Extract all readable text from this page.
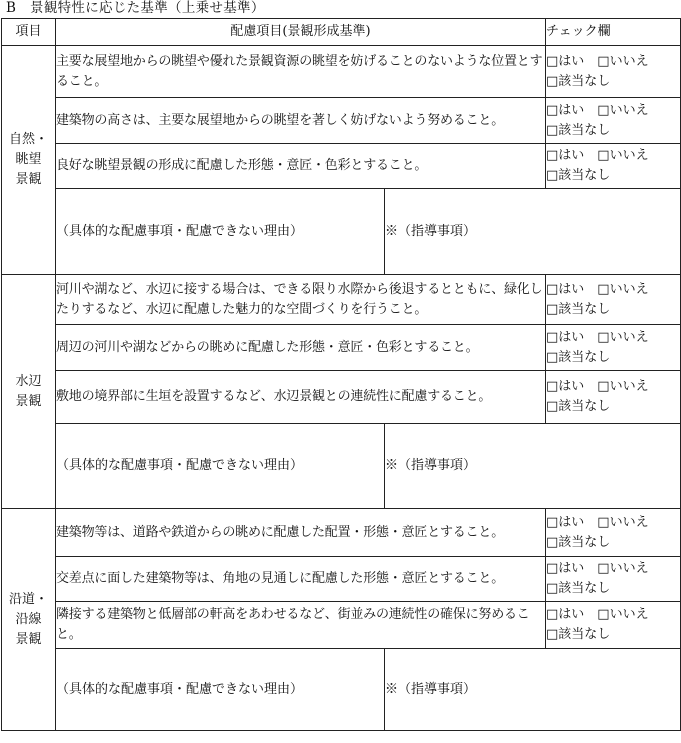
B　景観特性に応じた基準（上乗せ基準）
項目	配慮項目(景観形成基準)		チェック欄

自然・
眺望
景観	主要な展望地からの眺望や優れた景観資源の眺望を妨げることのないような位置とすること。		□はい　□いいえ
□該当なし

	建築物の高さは、主要な展望地からの眺望を著しく妨げないよう努めること。		□はい　□いいえ
□該当なし

	良好な眺望景観の形成に配慮した形態・意匠・色彩とすること。		□はい　□いいえ
□該当なし

	（具体的な配慮事項・配慮できない理由）	※（指導事項）	

水辺
景観	河川や湖など、水辺に接する場合は、できる限り水際から後退するとともに、緑化したりするなど、水辺に配慮した魅力的な空間づくりを行うこと。		□はい　□いいえ
□該当なし

	周辺の河川や湖などからの眺めに配慮した形態・意匠・色彩とすること。		□はい　□いいえ
□該当なし

	敷地の境界部に生垣を設置するなど、水辺景観との連続性に配慮すること。		□はい　□いいえ
□該当なし

	（具体的な配慮事項・配慮できない理由）	※（指導事項）	

沿道・
沿線
景観	建築物等は、道路や鉄道からの眺めに配慮した配置・形態・意匠とすること。		□はい　□いいえ
□該当なし

	交差点に面した建築物等は、角地の見通しに配慮した形態・意匠とすること。		□はい　□いいえ
□該当なし

	隣接する建築物と低層部の軒高をあわせるなど、街並みの連続性の確保に努めること。		□はい　□いいえ
□該当なし

	（具体的な配慮事項・配慮できない理由）	※（指導事項）	
